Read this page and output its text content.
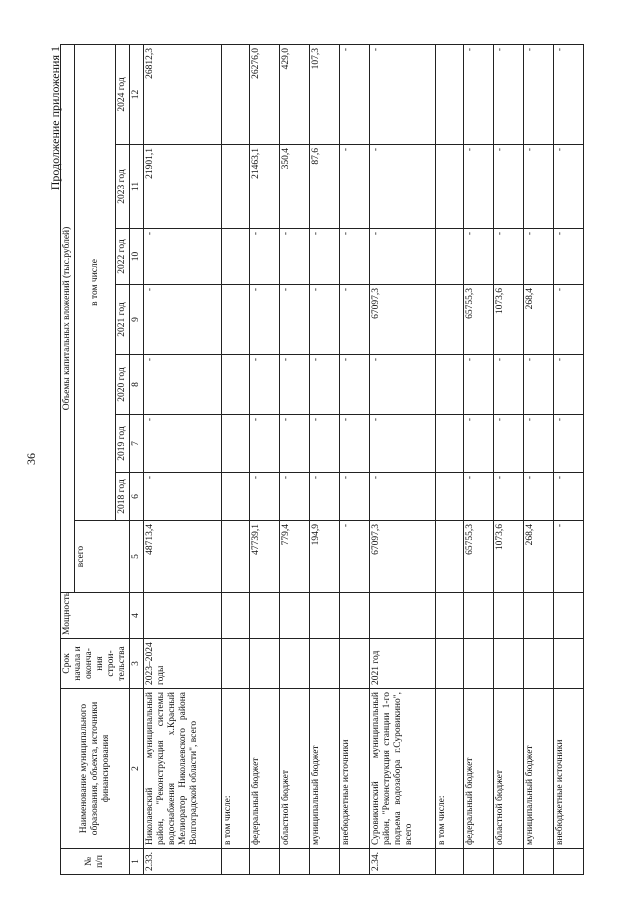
36
Продолжение приложения 1
№ п/п	Наименование муниципального образования, объекта, источники финансирования	Срок начала и оконча-ния строи-тельства	Мощность	Объемы капитальных вложений (тыс.рублей)							
				всего	в том числе						
					2018 год	2019 год	2020 год	2021 год	2022 год	2023 год	2024 год
1	2	3	4	5	6	7	8	9	10	11	12
2.33.	Николаевский муниципальный район, "Реконструкция системы водоснабжения х.Красный Мелиоратор Николаевского района Волгоградской области", всего	2023–2024 годы		48713,4	-	-	-	-	-	21901,1	26812,3
	в том числе:										
	федеральный бюджет			47739,1	-	-	-	-	-	21463,1	26276,0
	областной бюджет			779,4	-	-	-	-	-	350,4	429,0
	муниципальный бюджет			194,9	-	-	-	-	-	87,6	107,3
	внебюджетные источники			-	-	-	-	-	-	-	-
2.34.	Суровикинский муниципальный район, "Реконструкция станции 1-го подъема водозабора г.Суровикино", всего	2021 год		67097,3	-	-	-	67097,3	-	-	-
	в том числе:										
	федеральный бюджет			65755,3	-	-	-	65755,3	-	-	-
	областной бюджет			1073,6	-	-	-	1073,6	-	-	-
	муниципальный бюджет			268,4	-	-	-	268,4	-	-	-
	внебюджетные источники			-	-	-	-	-	-	-	-
